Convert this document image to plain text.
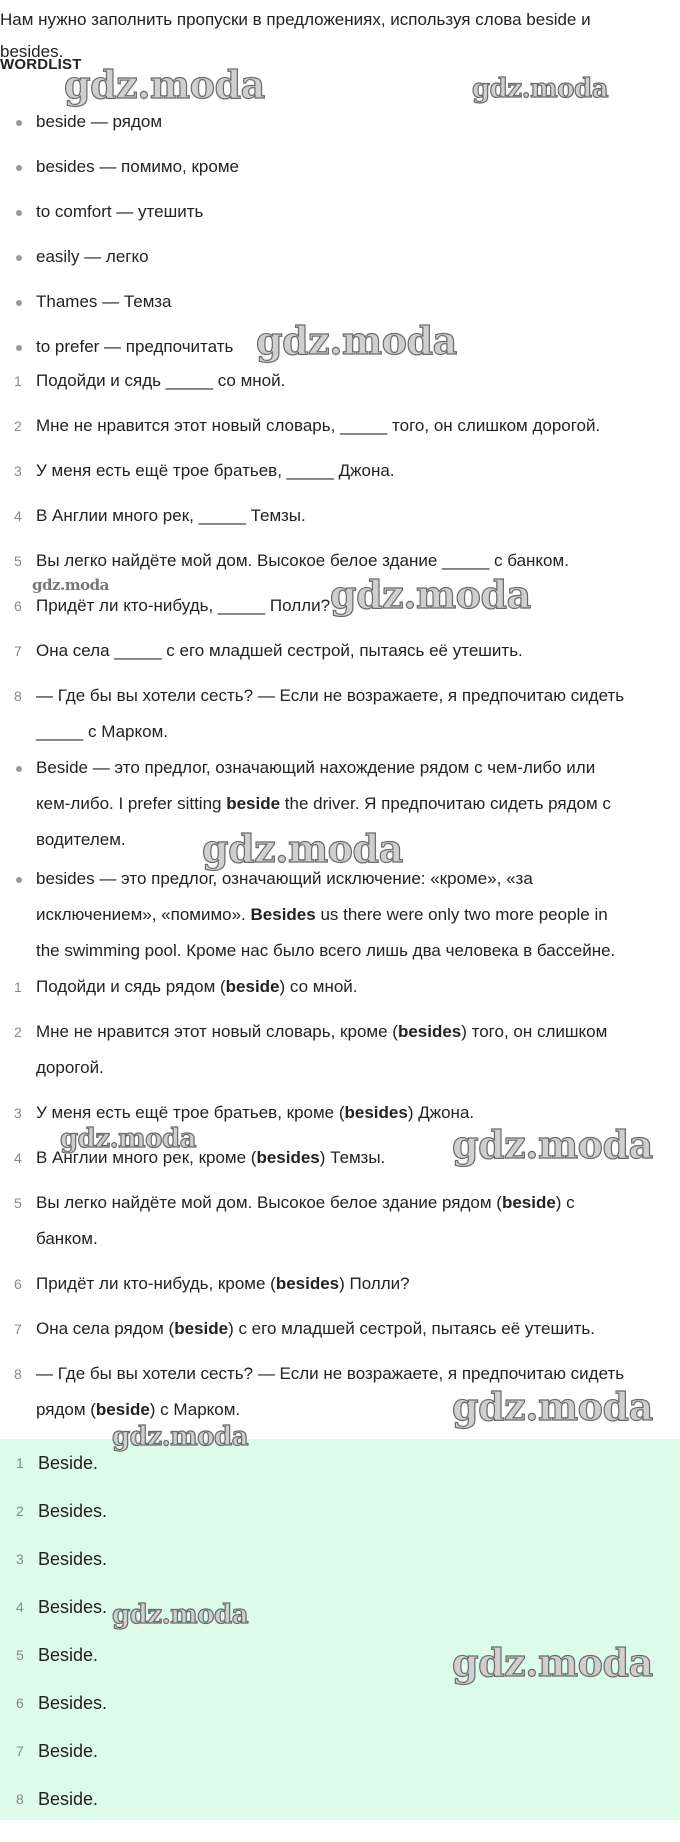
Нам нужно заполнить пропуски в предложениях, используя слова beside и

besides.

WORDLIST

beside — рядом
besides — помимо, кроме
to comfort — утешить
easily — легко
Thames — Темза
to prefer — предпочитать
1 Подойди и сядь _____ со мной.
2 Мне не нравится этот новый словарь, _____ того, он слишком дорогой.
3 У меня есть ещё трое братьев, _____ Джона.
4 В Англии много рек, _____ Темзы.
5 Вы легко найдёте мой дом. Высокое белое здание _____ с банком.
6 Придёт ли кто-нибудь, _____ Полли?
7 Она села _____ с его младшей сестрой, пытаясь её утешить.
8 — Где бы вы хотели сесть? — Если не возражаете, я предпочитаю сидеть
_____ с Марком.
Beside — это предлог, означающий нахождение рядом с чем-либо или
кем-либо. I prefer sitting beside the driver. Я предпочитаю сидеть рядом с
водителем.
besides — это предлог, означающий исключение: «кроме», «за
исключением», «помимо». Besides us there were only two more people in
the swimming pool. Кроме нас было всего лишь два человека в бассейне.
1 Подойди и сядь рядом (beside) со мной.
2 Мне не нравится этот новый словарь, кроме (besides) того, он слишком
дорогой.
3 У меня есть ещё трое братьев, кроме (besides) Джона.
4 В Англии много рек, кроме (besides) Темзы.
5 Вы легко найдёте мой дом. Высокое белое здание рядом (beside) с
банком.
6 Придёт ли кто-нибудь, кроме (besides) Полли?
7 Она села рядом (beside) с его младшей сестрой, пытаясь её утешить.
8 — Где бы вы хотели сесть? — Если не возражаете, я предпочитаю сидеть
рядом (beside) с Марком.
1 Beside.
2 Besides.
3 Besides.
4 Besides.
5 Beside.
6 Besides.
7 Beside.
8 Beside.
gdz.moda	gdz.moda
gdz.moda
gdz.moda	gdz.moda
gdz.moda
gdz.moda	gdz.moda
gdz.moda
gdz.moda
gdz.moda
gdz.moda
